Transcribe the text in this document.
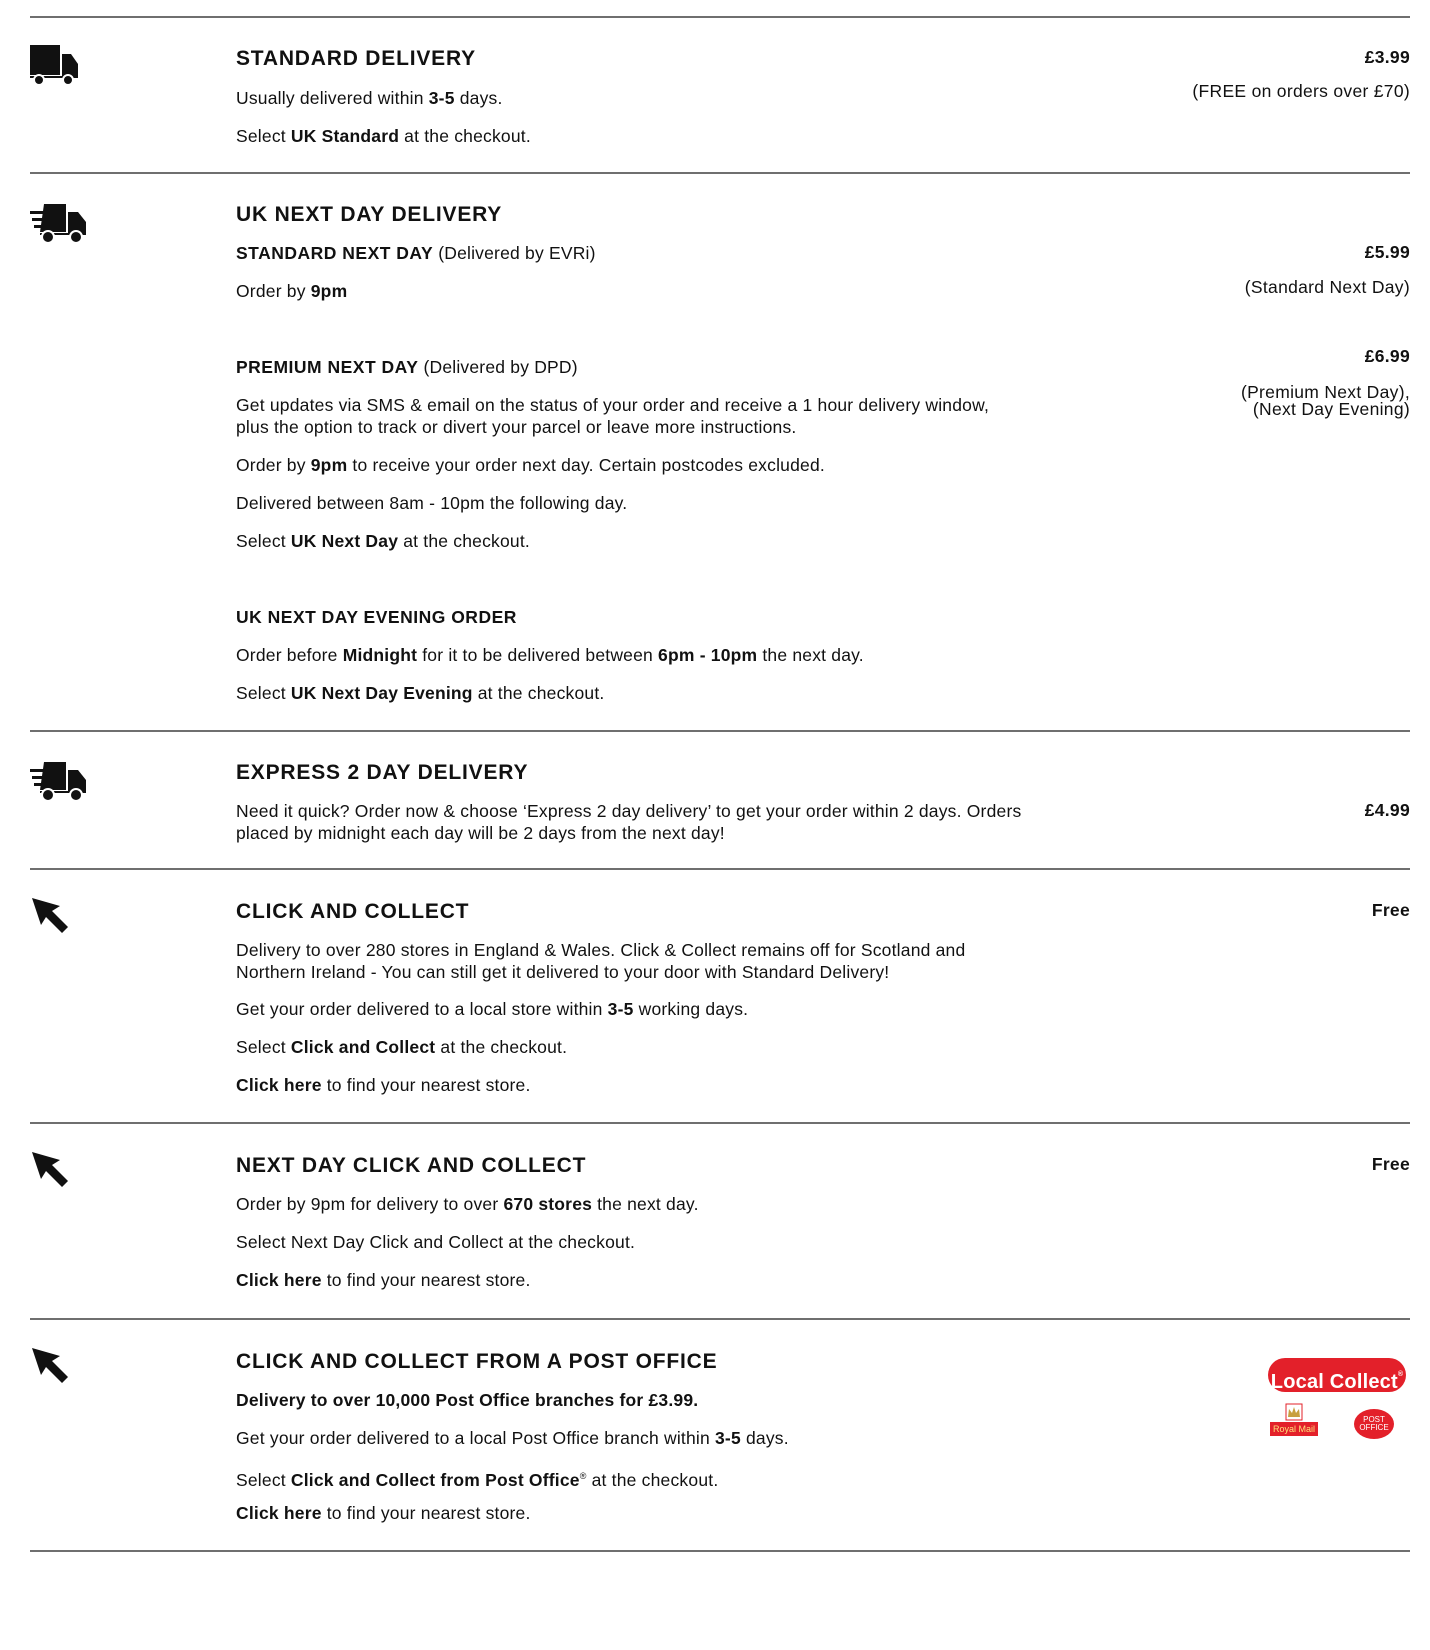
STANDARD DELIVERY
Usually delivered within 3-5 days.
Select UK Standard at the checkout.
£3.99
(FREE on orders over £70)
UK NEXT DAY DELIVERY
STANDARD NEXT DAY (Delivered by EVRi)
Order by 9pm
£5.99
(Standard Next Day)
PREMIUM NEXT DAY (Delivered by DPD)
Get updates via SMS & email on the status of your order and receive a 1 hour delivery window, plus the option to track or divert your parcel or leave more instructions.
Order by 9pm to receive your order next day. Certain postcodes excluded.
Delivered between 8am - 10pm the following day.
Select UK Next Day at the checkout.
£6.99
(Premium Next Day),
(Next Day Evening)
UK NEXT DAY EVENING ORDER
Order before Midnight for it to be delivered between 6pm - 10pm the next day.
Select UK Next Day Evening at the checkout.
EXPRESS 2 DAY DELIVERY
Need it quick? Order now & choose ‘Express 2 day delivery’ to get your order within 2 days. Orders placed by midnight each day will be 2 days from the next day!
£4.99
CLICK AND COLLECT
Delivery to over 280 stores in England & Wales. Click & Collect remains off for Scotland and Northern Ireland - You can still get it delivered to your door with Standard Delivery!
Get your order delivered to a local store within 3-5 working days.
Select Click and Collect at the checkout.
Click here to find your nearest store.
Free
NEXT DAY CLICK AND COLLECT
Order by 9pm for delivery to over 670 stores the next day.
Select Next Day Click and Collect at the checkout.
Click here to find your nearest store.
Free
CLICK AND COLLECT FROM A POST OFFICE
Delivery to over 10,000 Post Office branches for £3.99.
Get your order delivered to a local Post Office branch within 3-5 days.
Select Click and Collect from Post Office® at the checkout.
Click here to find your nearest store.
Local Collect®
Royal Mail
POST
OFFICE
